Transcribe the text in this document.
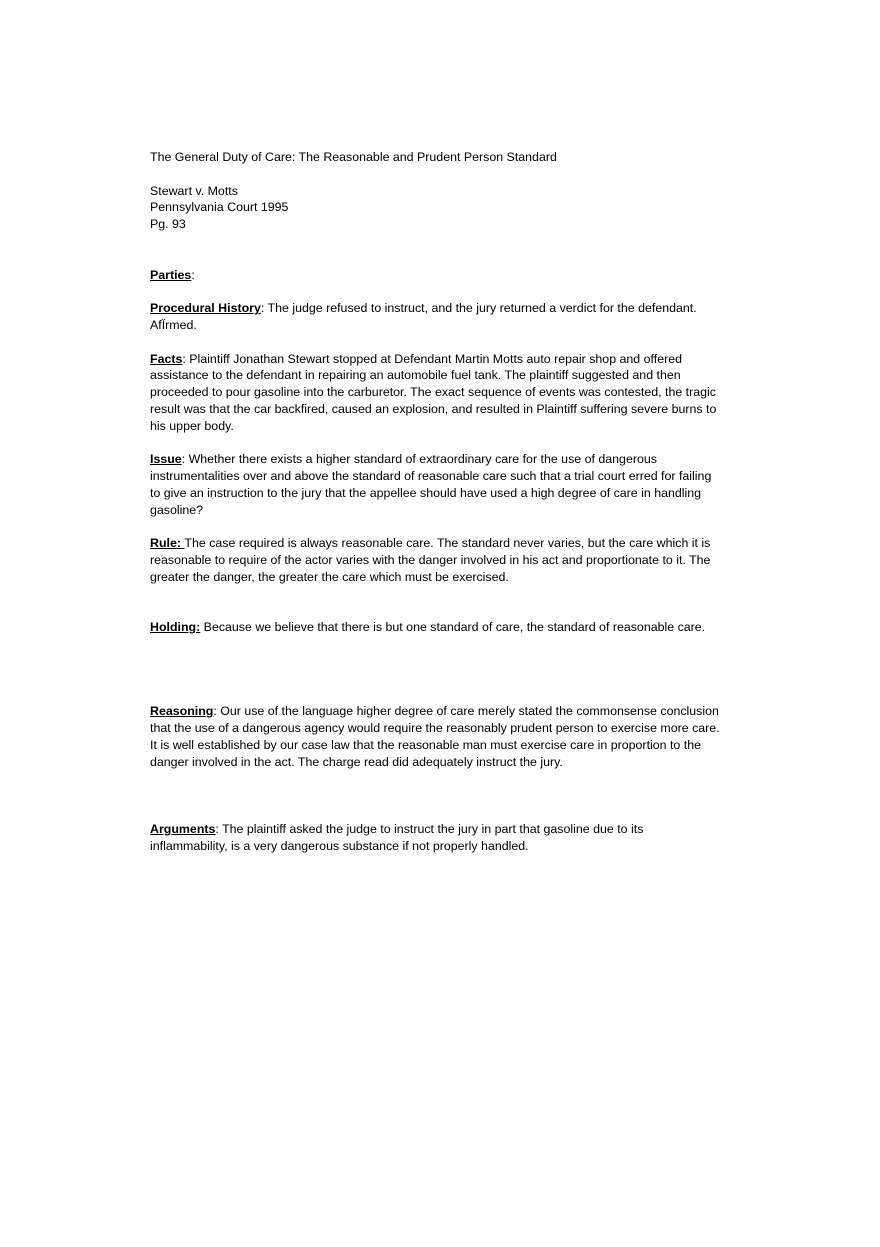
The General Duty of Care: The Reasonable and Prudent Person Standard
Stewart v. Motts
Pennsylvania Court 1995
Pg. 93

Parties:

Procedural History: The judge refused to instruct, and the jury returned a verdict for the defendant.
AfÏrmed.

Facts: Plaintiff Jonathan Stewart stopped at Defendant Martin Motts auto repair shop and offered
assistance to the defendant in repairing an automobile fuel tank. The plaintiff suggested and then
proceeded to pour gasoline into the carburetor. The exact sequence of events was contested, the tragic
result was that the car backfired, caused an explosion, and resulted in Plaintiff suffering severe burns to
his upper body.

Issue: Whether there exists a higher standard of extraordinary care for the use of dangerous
instrumentalities over and above the standard of reasonable care such that a trial court erred for failing
to give an instruction to the jury that the appellee should have used a high degree of care in handling
gasoline?

Rule: The case required is always reasonable care. The standard never varies, but the care which it is
reasonable to require of the actor varies with the danger involved in his act and proportionate to it. The
greater the danger, the greater the care which must be exercised.

Holding: Because we believe that there is but one standard of care, the standard of reasonable care.

Reasoning: Our use of the language higher degree of care merely stated the commonsense conclusion
that the use of a dangerous agency would require the reasonably prudent person to exercise more care.
It is well established by our case law that the reasonable man must exercise care in proportion to the
danger involved in the act. The charge read did adequately instruct the jury.

Arguments: The plaintiff asked the judge to instruct the jury in part that gasoline due to its
inflammability, is a very dangerous substance if not properly handled.
